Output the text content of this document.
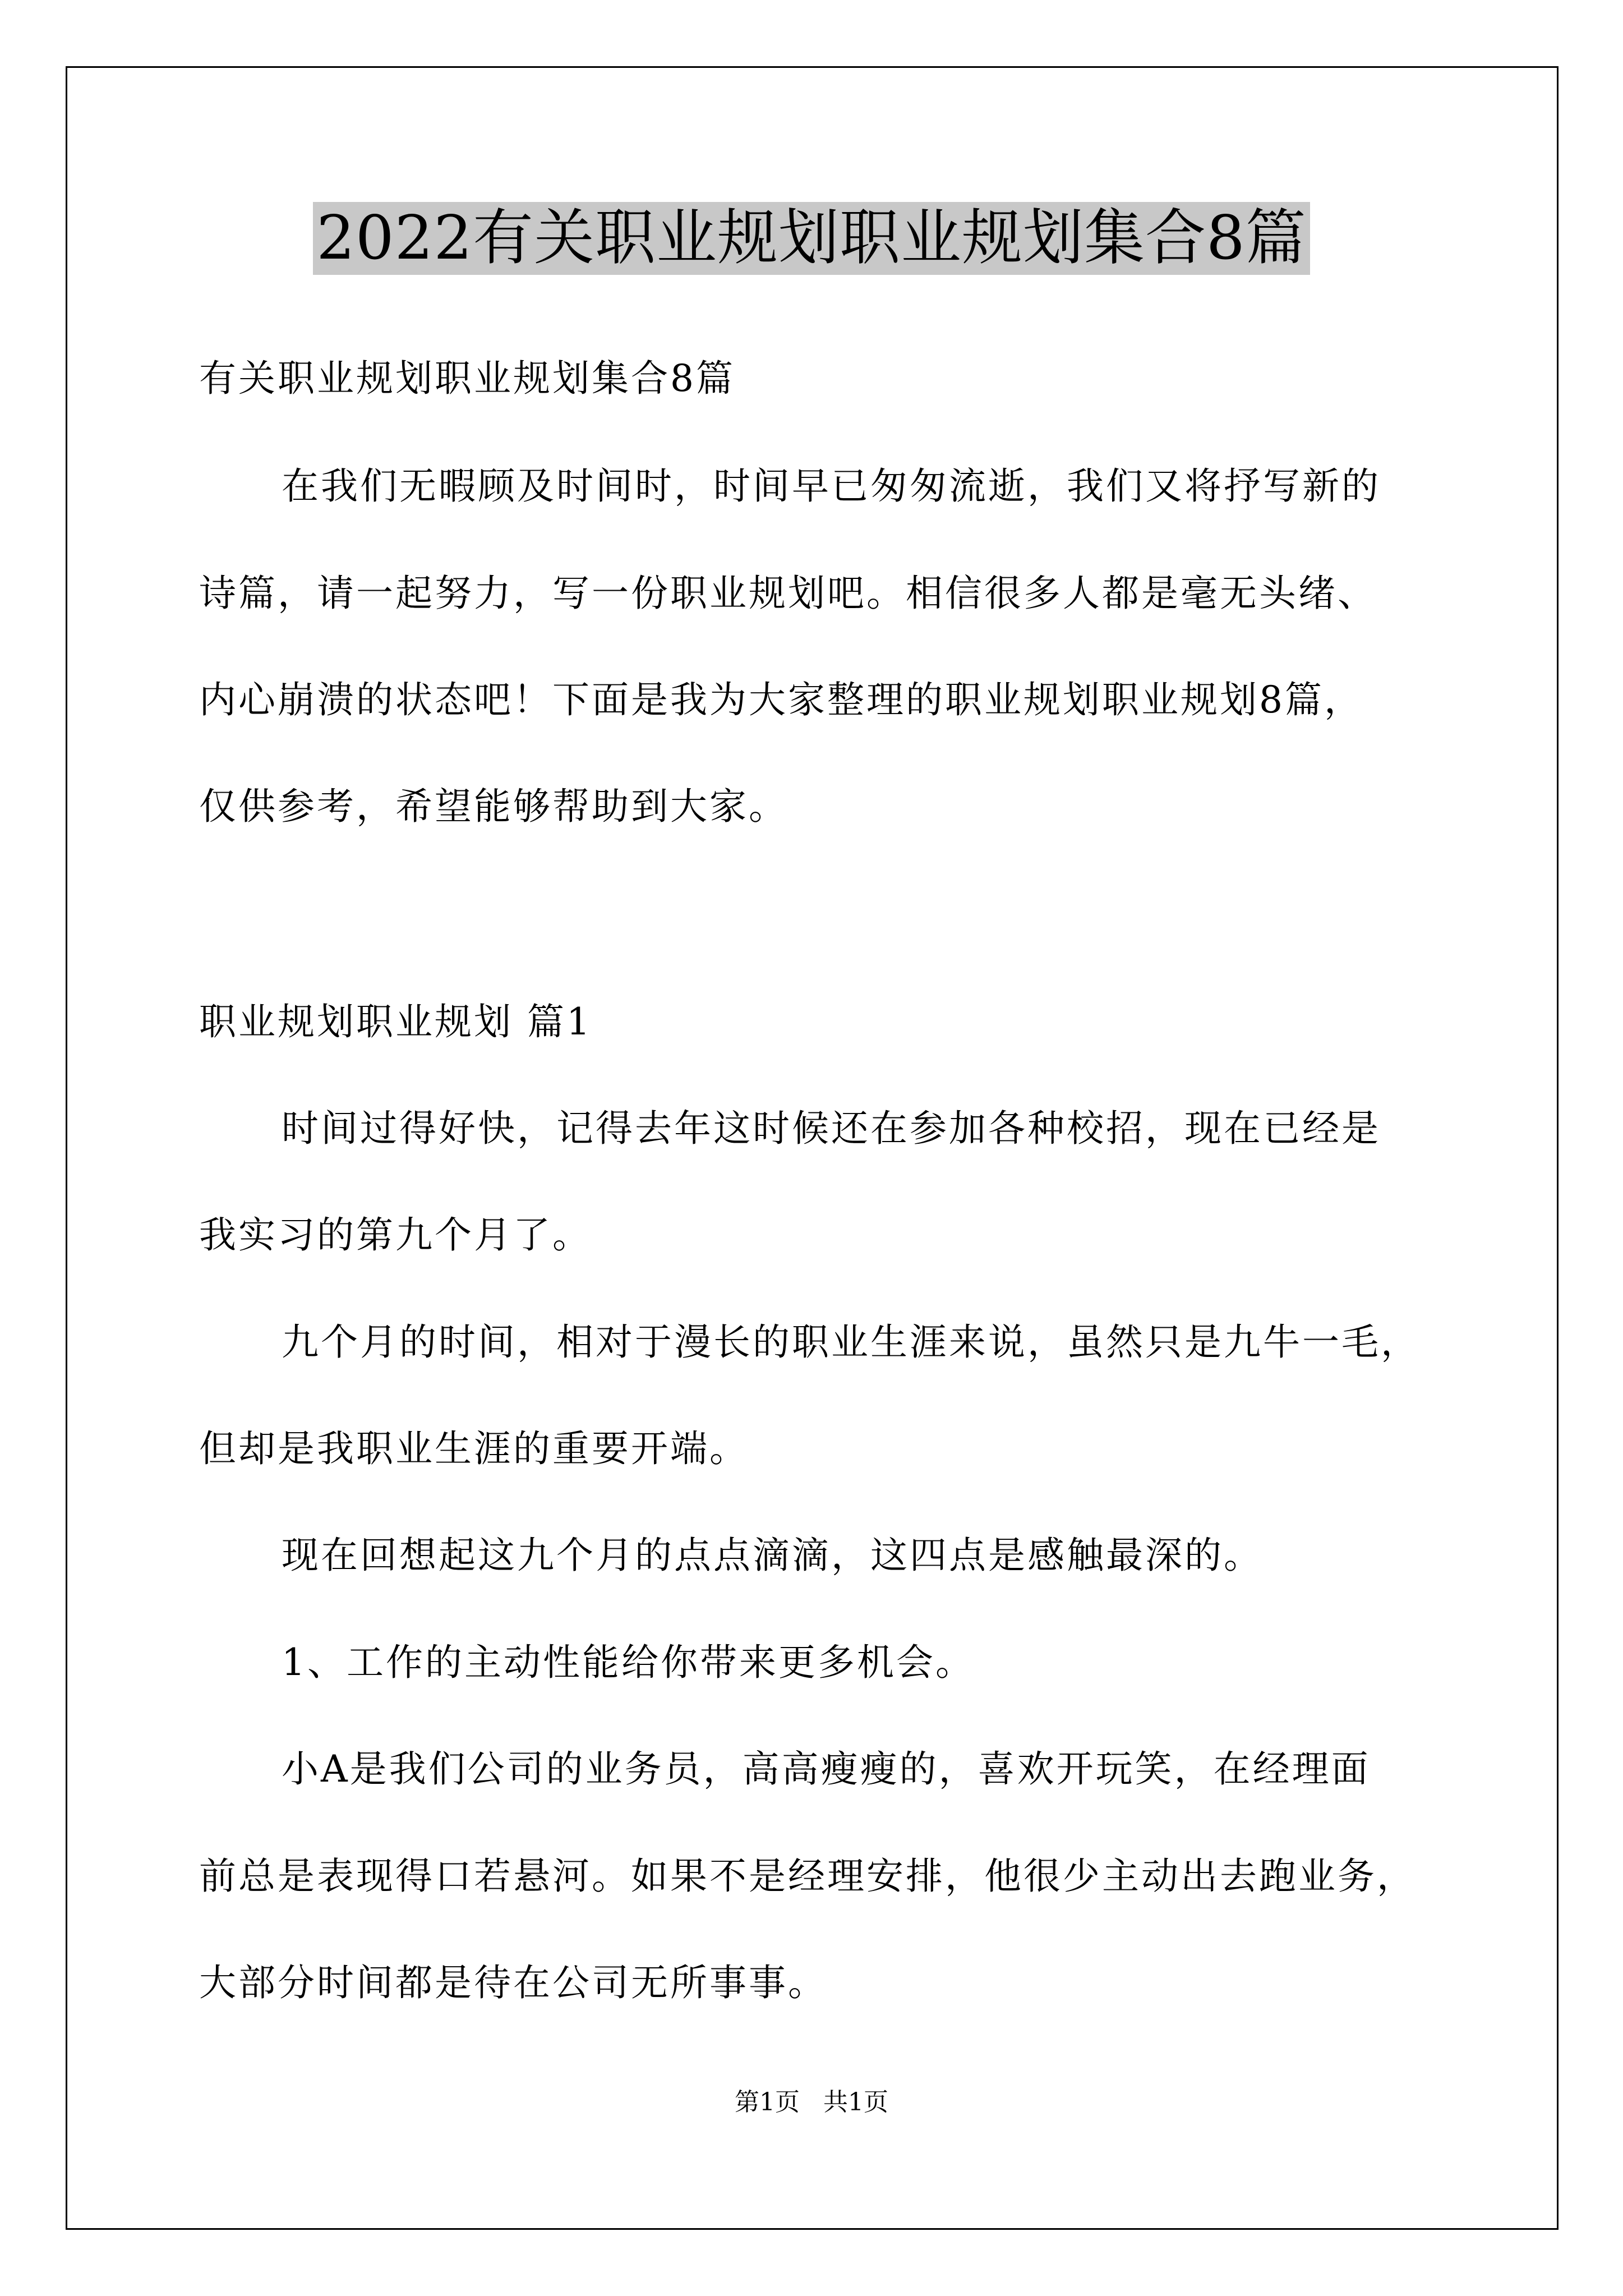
2022有关职业规划职业规划集合8篇
有关职业规划职业规划集合8篇
在我们无暇顾及时间时，时间早已匆匆流逝，我们又将抒写新的
诗篇，请一起努力，写一份职业规划吧。相信很多人都是毫无头绪、
内心崩溃的状态吧！下面是我为大家整理的职业规划职业规划8篇，
仅供参考，希望能够帮助到大家。
职业规划职业规划 篇1
时间过得好快，记得去年这时候还在参加各种校招，现在已经是
我实习的第九个月了。
九个月的时间，相对于漫长的职业生涯来说，虽然只是九牛一毛，
但却是我职业生涯的重要开端。
现在回想起这九个月的点点滴滴，这四点是感触最深的。
1、工作的主动性能给你带来更多机会。
小A是我们公司的业务员，高高瘦瘦的，喜欢开玩笑，在经理面
前总是表现得口若悬河。如果不是经理安排，他很少主动出去跑业务，
大部分时间都是待在公司无所事事。
第1页 共1页
